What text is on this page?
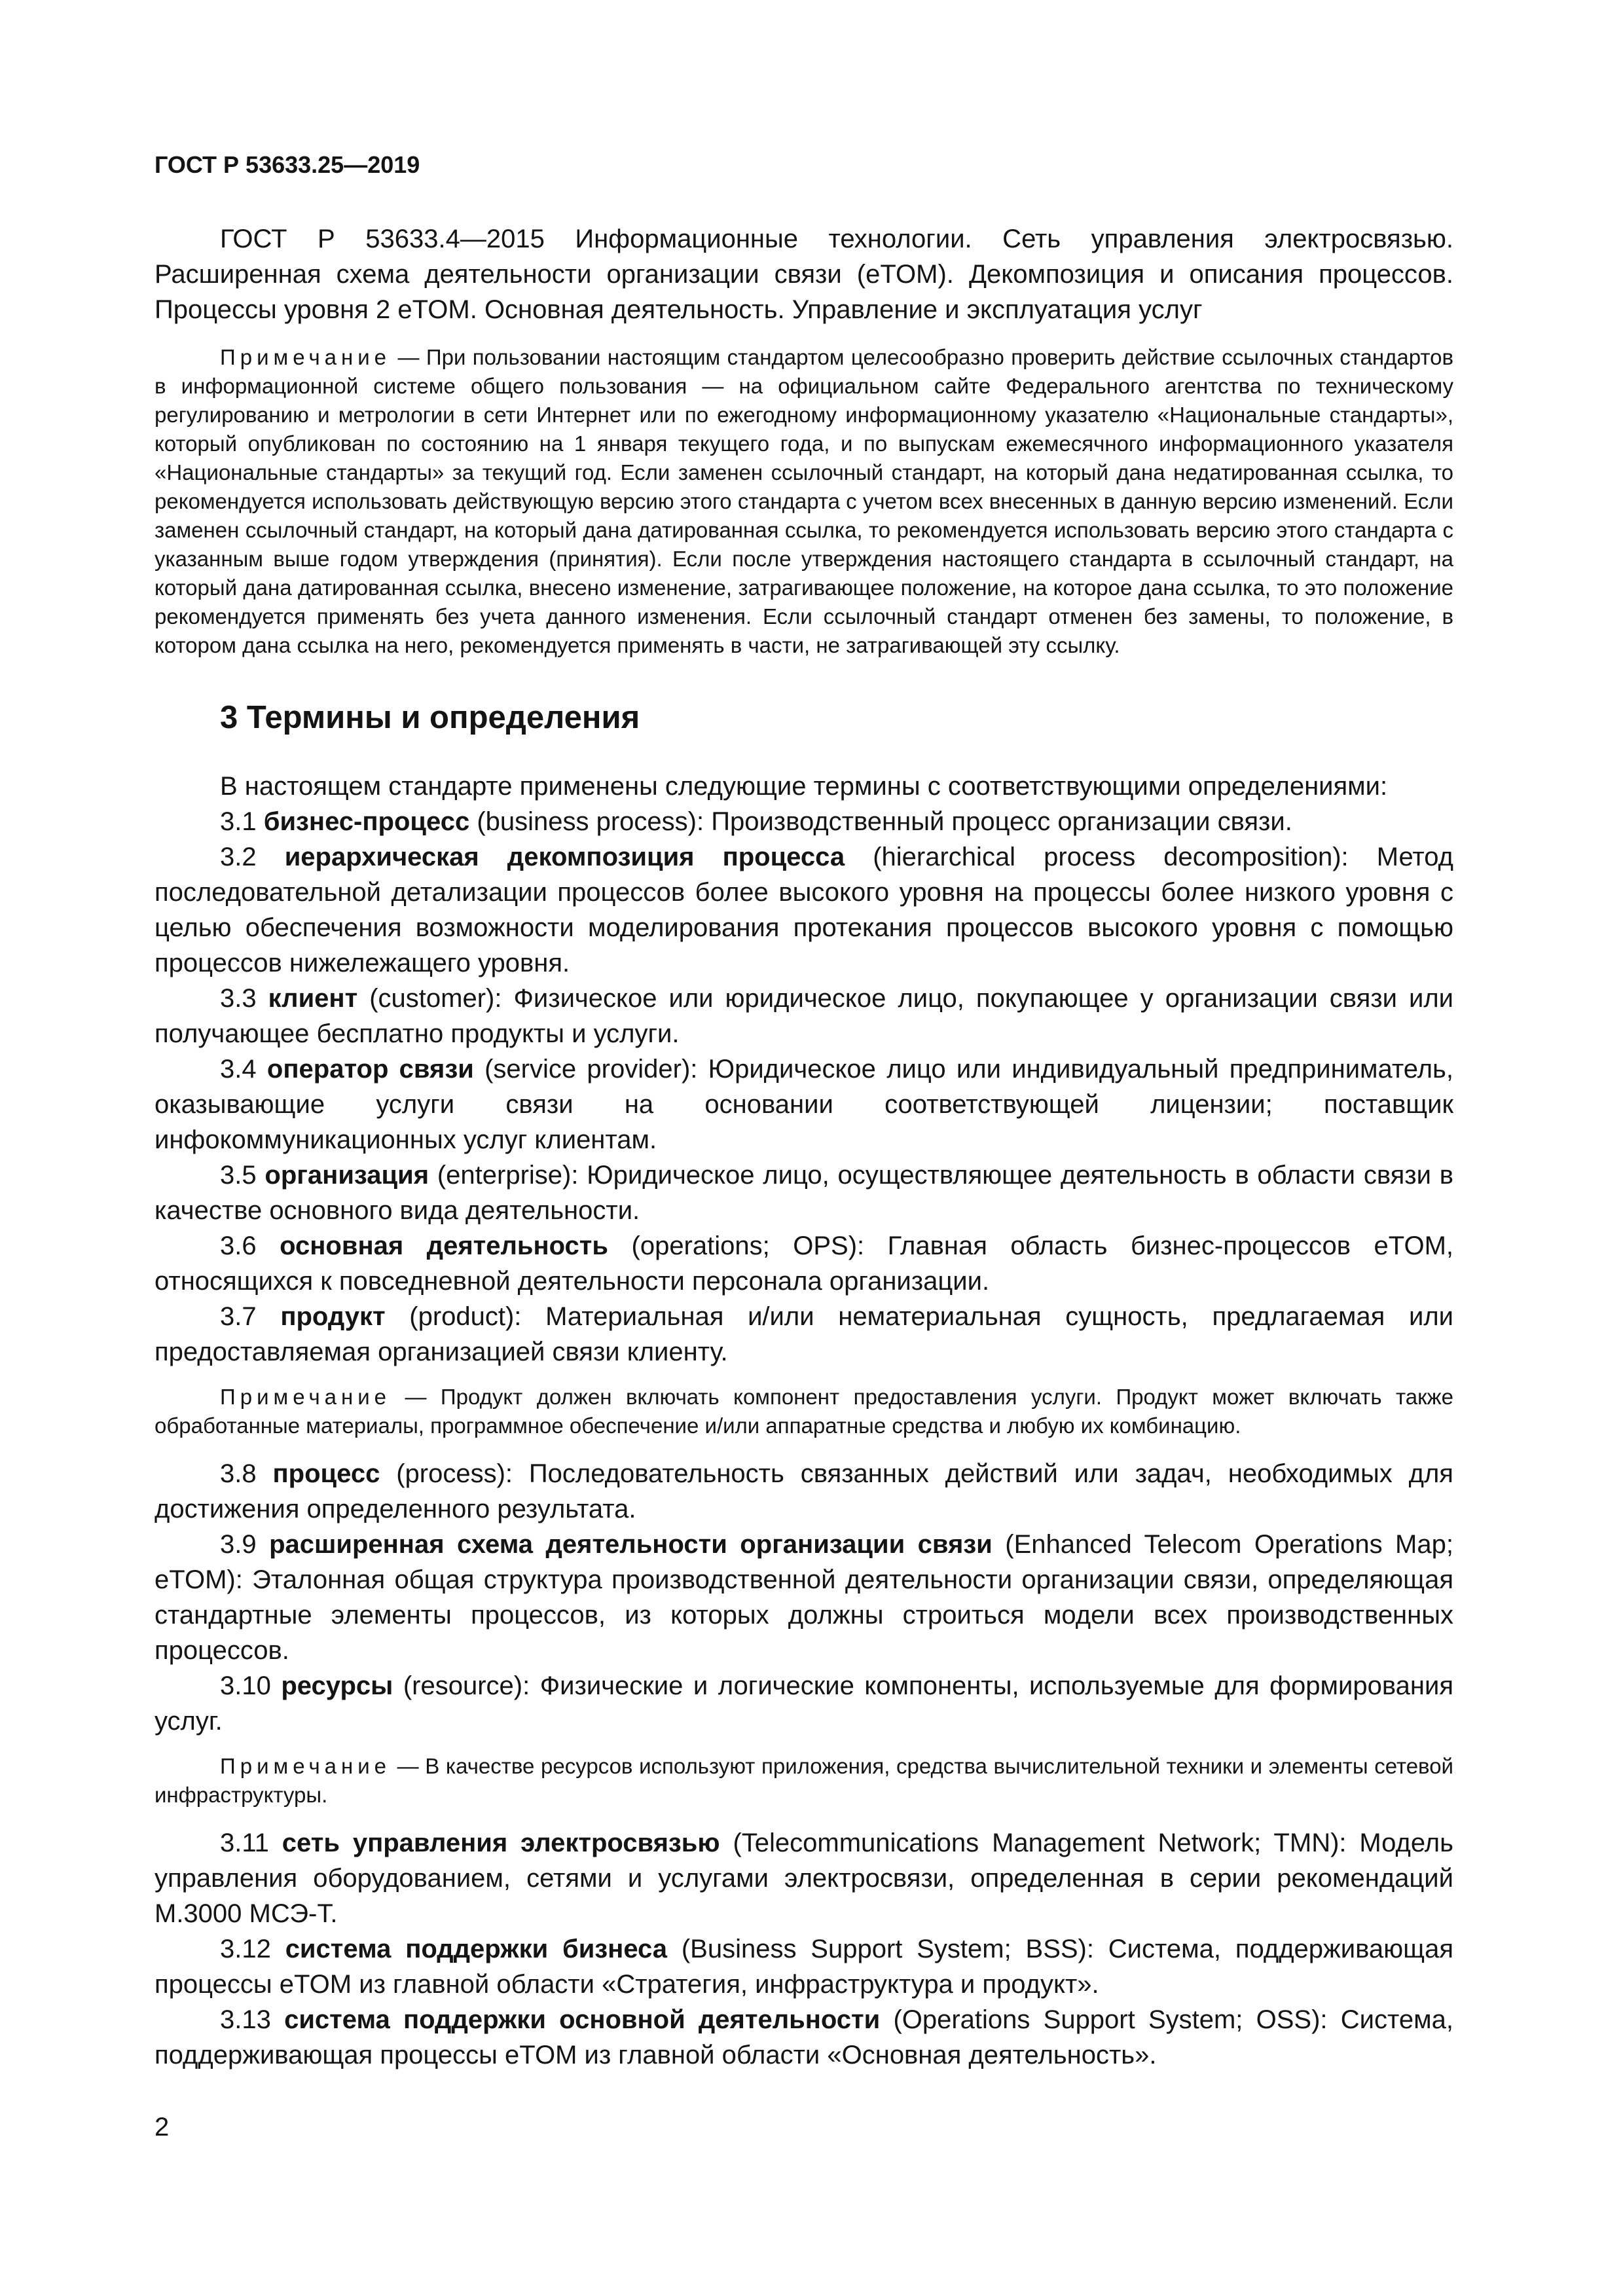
ГОСТ Р 53633.25—2019

ГОСТ Р 53633.4—2015 Информационные технологии. Сеть управления электросвязью. Расширенная схема деятельности организации связи (eTOM). Декомпозиция и описания процессов. Процессы уровня 2 eTOM. Основная деятельность. Управление и эксплуатация услуг

Примечание — При пользовании настоящим стандартом целесообразно проверить действие ссылочных стандартов в информационной системе общего пользования — на официальном сайте Федерального агентства по техническому регулированию и метрологии в сети Интернет или по ежегодному информационному указателю «Национальные стандарты», который опубликован по состоянию на 1 января текущего года, и по выпускам ежемесячного информационного указателя «Национальные стандарты» за текущий год. Если заменен ссылочный стандарт, на который дана недатированная ссылка, то рекомендуется использовать действующую версию этого стандарта с учетом всех внесенных в данную версию изменений. Если заменен ссылочный стандарт, на который дана датированная ссылка, то рекомендуется использовать версию этого стандарта с указанным выше годом утверждения (принятия). Если после утверждения настоящего стандарта в ссылочный стандарт, на который дана датированная ссылка, внесено изменение, затрагивающее положение, на которое дана ссылка, то это положение рекомендуется применять без учета данного изменения. Если ссылочный стандарт отменен без замены, то положение, в котором дана ссылка на него, рекомендуется применять в части, не затрагивающей эту ссылку.

3 Термины и определения

В настоящем стандарте применены следующие термины с соответствующими определениями:

3.1 бизнес-процесс (business process): Производственный процесс организации связи.

3.2 иерархическая декомпозиция процесса (hierarchical process decomposition): Метод последовательной детализации процессов более высокого уровня на процессы более низкого уровня с целью обеспечения возможности моделирования протекания процессов высокого уровня с помощью процессов нижележащего уровня.

3.3 клиент (customer): Физическое или юридическое лицо, покупающее у организации связи или получающее бесплатно продукты и услуги.

3.4 оператор связи (service provider): Юридическое лицо или индивидуальный предприниматель, оказывающие услуги связи на основании соответствующей лицензии; поставщик инфокоммуникационных услуг клиентам.

3.5 организация (enterprise): Юридическое лицо, осуществляющее деятельность в области связи в качестве основного вида деятельности.

3.6 основная деятельность (operations; OPS): Главная область бизнес-процессов eTOM, относящихся к повседневной деятельности персонала организации.

3.7 продукт (product): Материальная и/или нематериальная сущность, предлагаемая или предоставляемая организацией связи клиенту.

Примечание — Продукт должен включать компонент предоставления услуги. Продукт может включать также обработанные материалы, программное обеспечение и/или аппаратные средства и любую их комбинацию.

3.8 процесс (process): Последовательность связанных действий или задач, необходимых для достижения определенного результата.

3.9 расширенная схема деятельности организации связи (Enhanced Telecom Operations Map; eTOM): Эталонная общая структура производственной деятельности организации связи, определяющая стандартные элементы процессов, из которых должны строиться модели всех производственных процессов.

3.10 ресурсы (resource): Физические и логические компоненты, используемые для формирования услуг.

Примечание — В качестве ресурсов используют приложения, средства вычислительной техники и элементы сетевой инфраструктуры.

3.11 сеть управления электросвязью (Telecommunications Management Network; TMN): Модель управления оборудованием, сетями и услугами электросвязи, определенная в серии рекомендаций М.3000 МСЭ-Т.

3.12 система поддержки бизнеса (Business Support System; BSS): Система, поддерживающая процессы eTOM из главной области «Стратегия, инфраструктура и продукт».

3.13 система поддержки основной деятельности (Operations Support System; OSS): Система, поддерживающая процессы eTOM из главной области «Основная деятельность».

2
